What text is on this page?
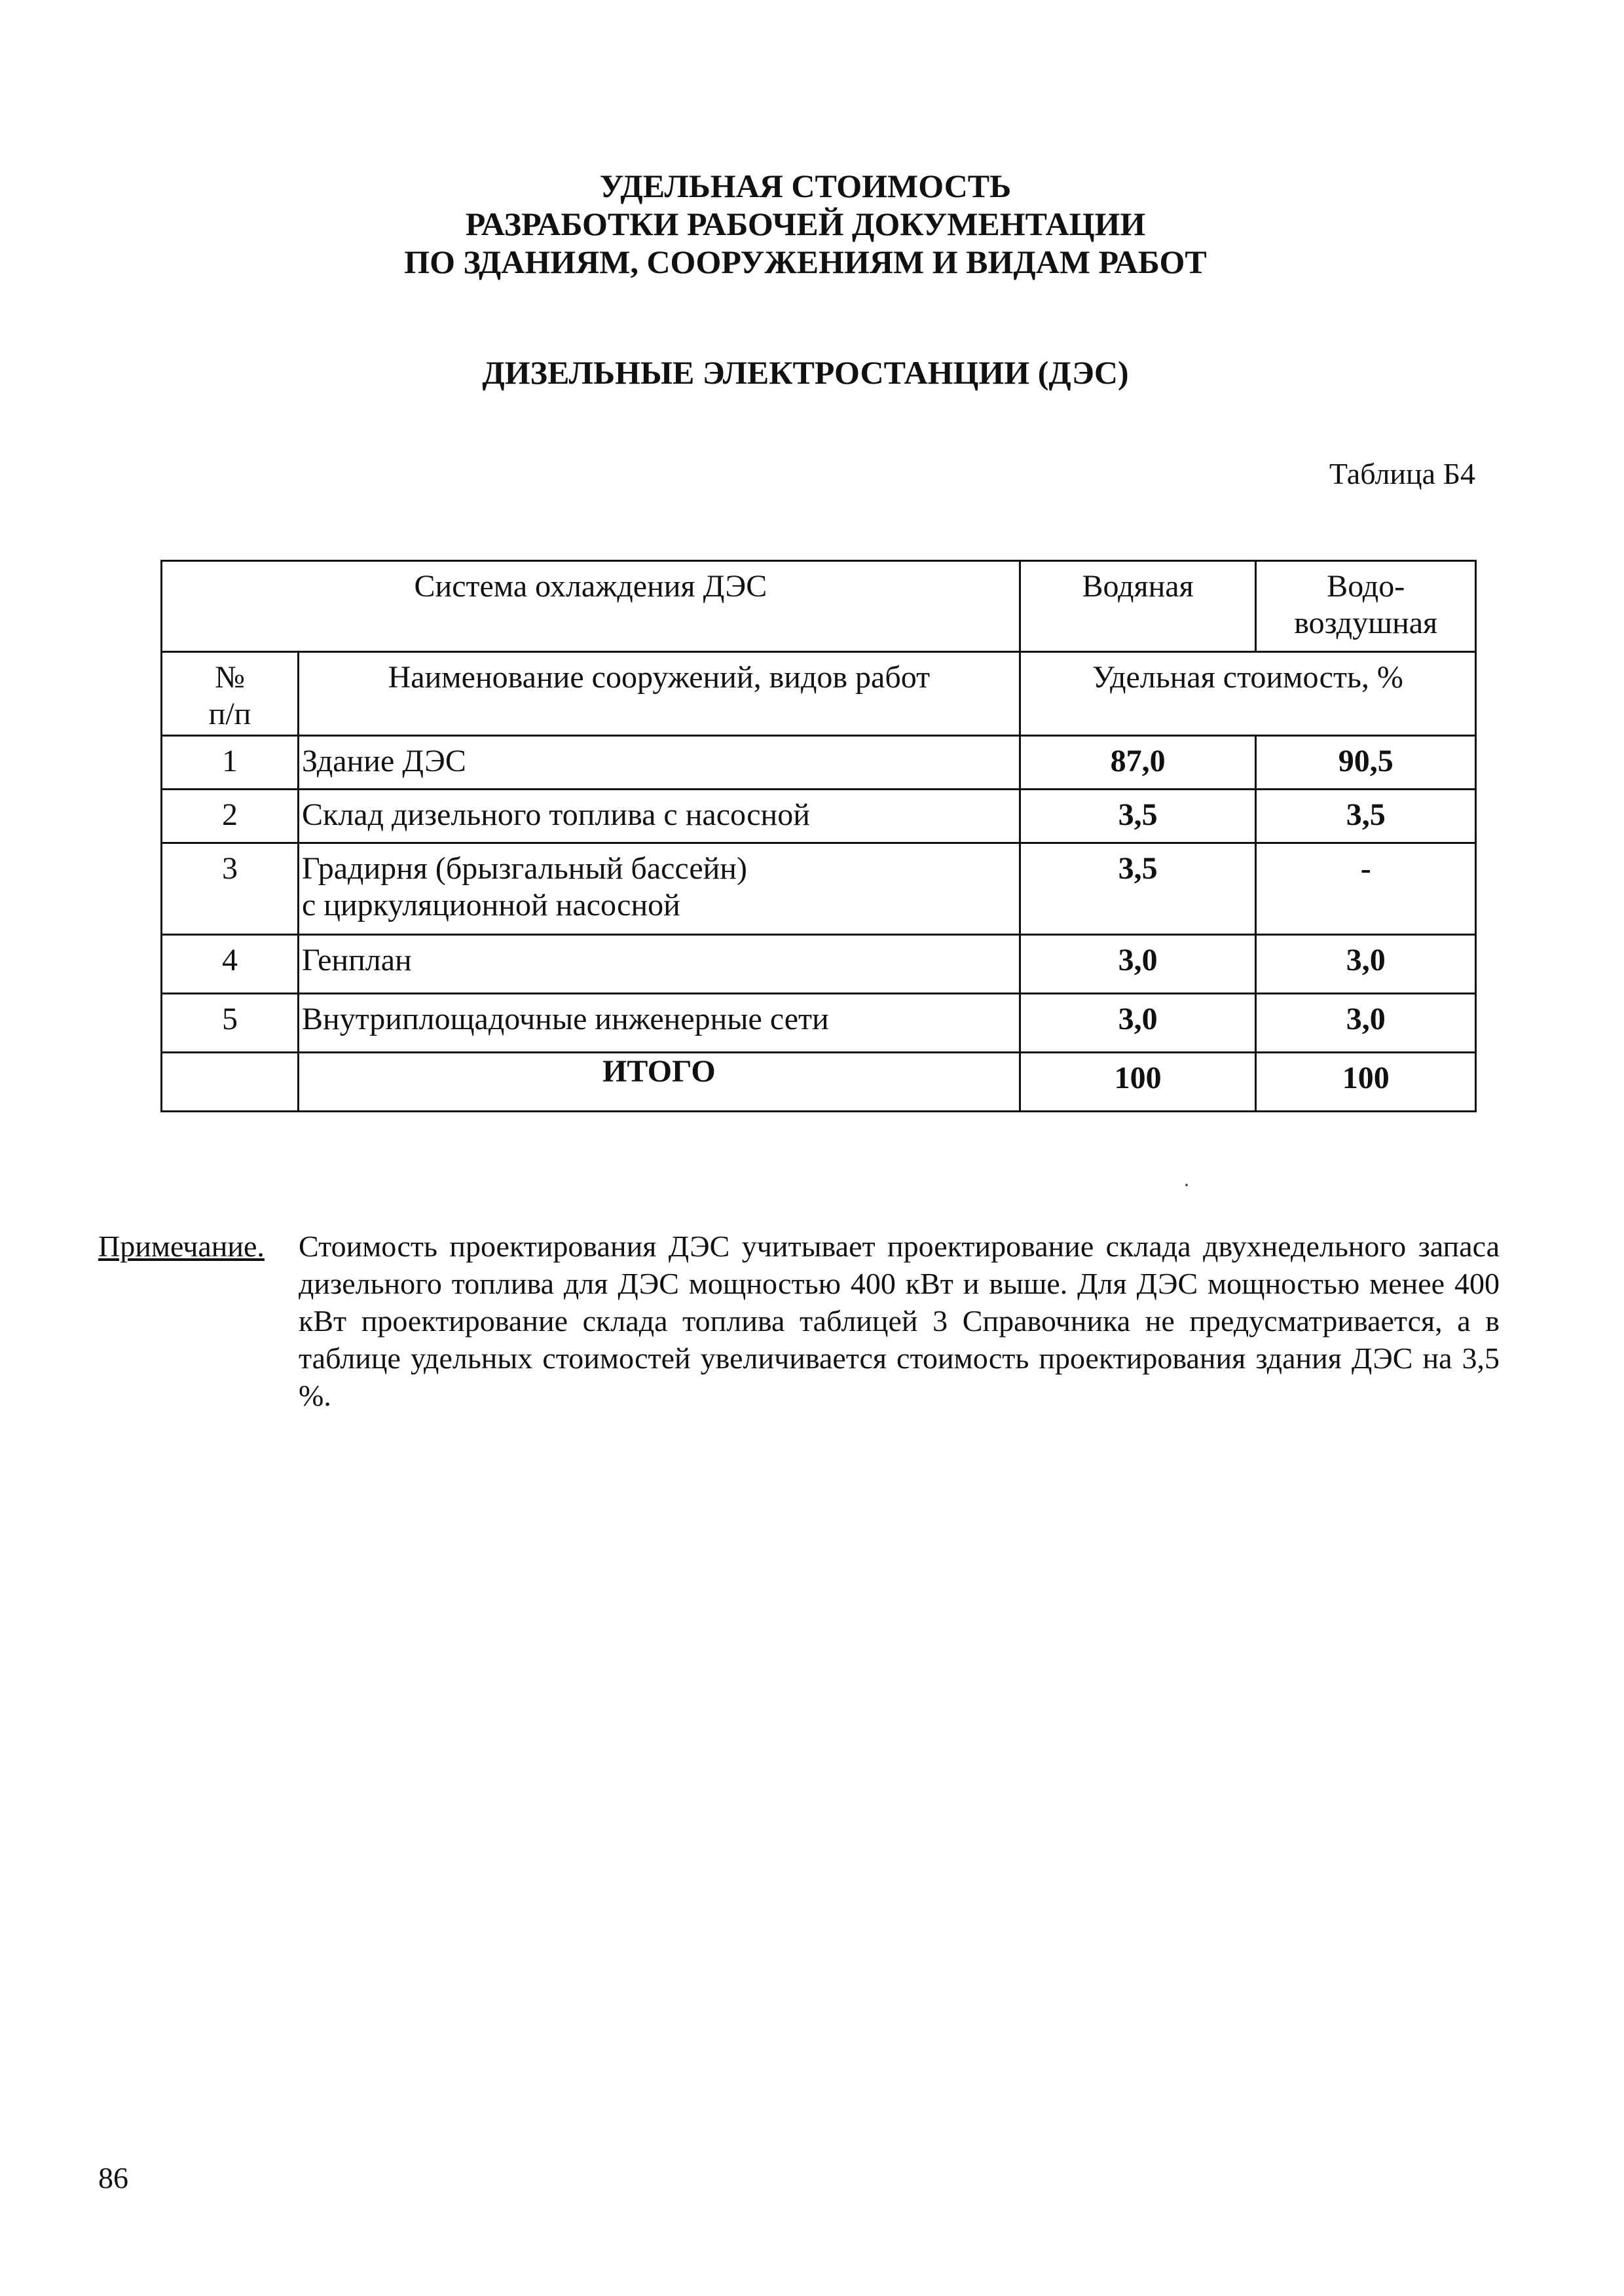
УДЕЛЬНАЯ СТОИМОСТЬ
РАЗРАБОТКИ РАБОЧЕЙ ДОКУМЕНТАЦИИ
ПО ЗДАНИЯМ, СООРУЖЕНИЯМ И ВИДАМ РАБОТ
ДИЗЕЛЬНЫЕ ЭЛЕКТРОСТАНЦИИ (ДЭС)
Таблица Б4
Система охлаждения ДЭС		Водяная	Водо-
воздушная

№
п/п	Наименование сооружений, видов работ	Удельная стоимость, %	
1	Здание ДЭС	87,0	90,5
2	Склад дизельного топлива с насосной	3,5	3,5
3	Градирня (брызгальный бассейн)
с циркуляционной насосной	3,5	-
4	Генплан	3,0	3,0
5	Внутриплощадочные инженерные сети	3,0	3,0
	ИТОГО	100	100
Примечание. Стоимость проектирования ДЭС учитывает проектирование склада двухнедельного запаса дизельного топлива для ДЭС мощностью 400 кВт и выше. Для ДЭС мощностью менее 400 кВт проектирование склада топлива таблицей 3 Справочника не предусматривается, а в таблице удельных стоимостей увеличивается стоимость проектирования здания ДЭС на 3,5 %.
86
